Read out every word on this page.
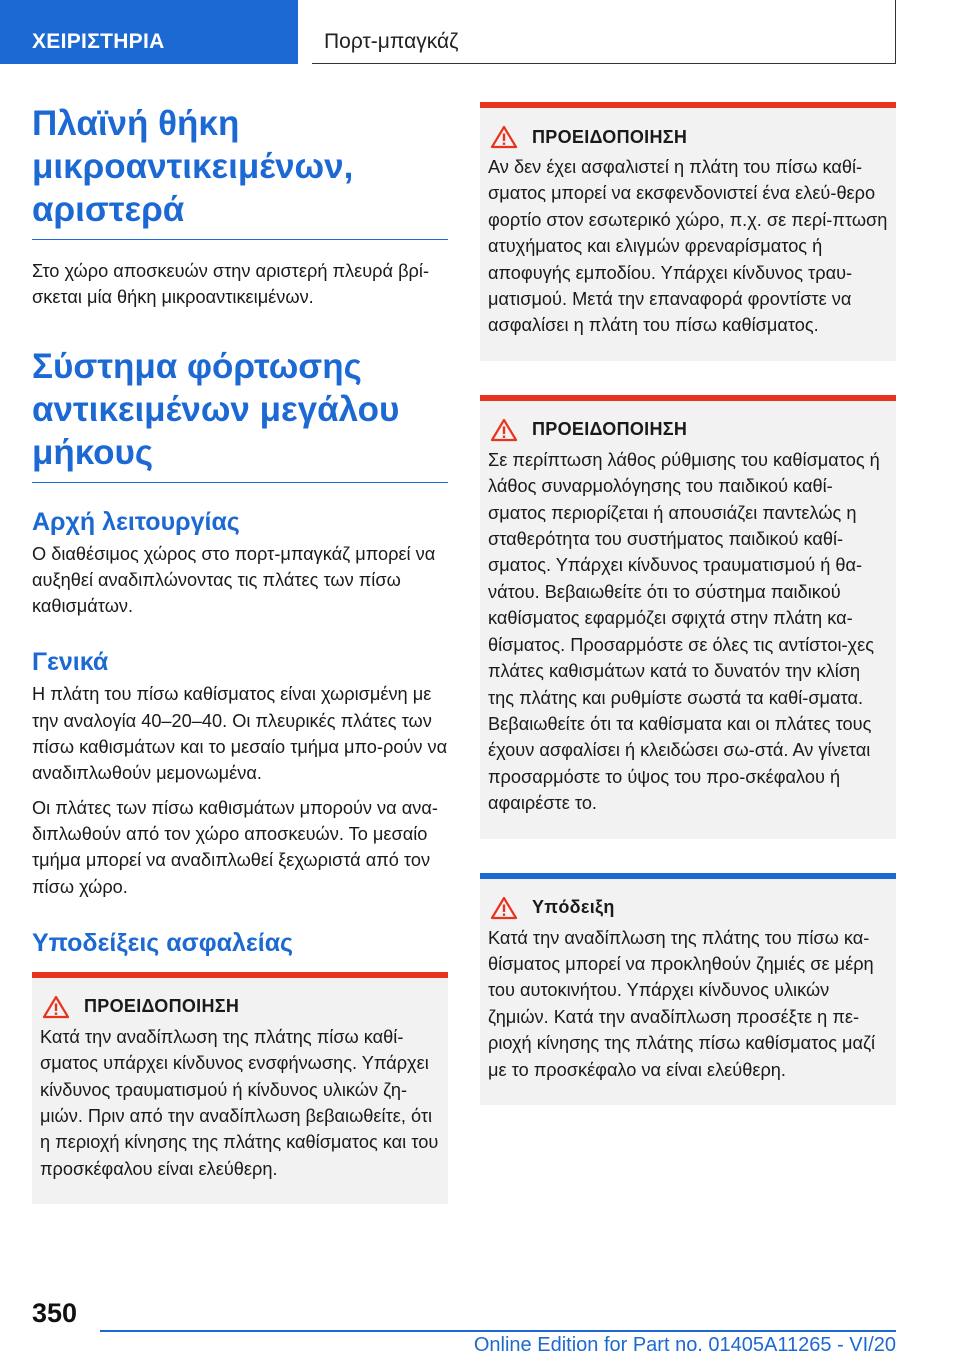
ΧΕΙΡΙΣΤΗΡΙΑ	Πορτ-μπαγκάζ
Πλαϊνή θήκη μικροαντικειμένων, αριστερά

Στο χώρο αποσκευών στην αριστερή πλευρά βρί-σκεται μία θήκη μικροαντικειμένων.

Σύστημα φόρτωσης αντικειμένων μεγάλου μήκους
Αρχή λειτουργίας

Ο διαθέσιμος χώρος στο πορτ-μπαγκάζ μπορεί να αυξηθεί αναδιπλώνοντας τις πλάτες των πίσω καθισμάτων.

Γενικά

Η πλάτη του πίσω καθίσματος είναι χωρισμένη με την αναλογία 40–20–40. Οι πλευρικές πλάτες των πίσω καθισμάτων και το μεσαίο τμήμα μπο-ρούν να αναδιπλωθούν μεμονωμένα.

Οι πλάτες των πίσω καθισμάτων μπορούν να ανα-διπλωθούν από τον χώρο αποσκευών. Το μεσαίο τμήμα μπορεί να αναδιπλωθεί ξεχωριστά από τον πίσω χώρο.

Υποδείξεις ασφαλείας
ΠΡΟΕΙΔΟΠΟΙΗΣΗ

Κατά την αναδίπλωση της πλάτης πίσω καθί-σματος υπάρχει κίνδυνος ενσφήνωσης. Υπάρχει κίνδυνος τραυματισμού ή κίνδυνος υλικών ζη-μιών. Πριν από την αναδίπλωση βεβαιωθείτε, ότι η περιοχή κίνησης της πλάτης καθίσματος και του προσκέφαλου είναι ελεύθερη.

ΠΡΟΕΙΔΟΠΟΙΗΣΗ

Αν δεν έχει ασφαλιστεί η πλάτη του πίσω καθί-σματος μπορεί να εκσφενδονιστεί ένα ελεύ-θερο φορτίο στον εσωτερικό χώρο, π.χ. σε περί-πτωση ατυχήματος και ελιγμών φρεναρίσματος ή αποφυγής εμποδίου. Υπάρχει κίνδυνος τραυ-ματισμού. Μετά την επαναφορά φροντίστε να ασφαλίσει η πλάτη του πίσω καθίσματος.

ΠΡΟΕΙΔΟΠΟΙΗΣΗ

Σε περίπτωση λάθος ρύθμισης του καθίσματος ή λάθος συναρμολόγησης του παιδικού καθί-σματος περιορίζεται ή απουσιάζει παντελώς η σταθερότητα του συστήματος παιδικού καθί-σματος. Υπάρχει κίνδυνος τραυματισμού ή θα-νάτου. Βεβαιωθείτε ότι το σύστημα παιδικού καθίσματος εφαρμόζει σφιχτά στην πλάτη κα-θίσματος. Προσαρμόστε σε όλες τις αντίστοι-χες πλάτες καθισμάτων κατά το δυνατόν την κλίση της πλάτης και ρυθμίστε σωστά τα καθί-σματα. Βεβαιωθείτε ότι τα καθίσματα και οι πλάτες τους έχουν ασφαλίσει ή κλειδώσει σω-στά. Αν γίνεται προσαρμόστε το ύψος του προ-σκέφαλου ή αφαιρέστε το.

Υπόδειξη

Κατά την αναδίπλωση της πλάτης του πίσω κα-θίσματος μπορεί να προκληθούν ζημιές σε μέρη του αυτοκινήτου. Υπάρχει κίνδυνος υλικών ζημιών. Κατά την αναδίπλωση προσέξτε η πε-ριοχή κίνησης της πλάτης πίσω καθίσματος μαζί με το προσκέφαλο να είναι ελεύθερη.

350
Online Edition for Part no. 01405A11265 - VI/20
